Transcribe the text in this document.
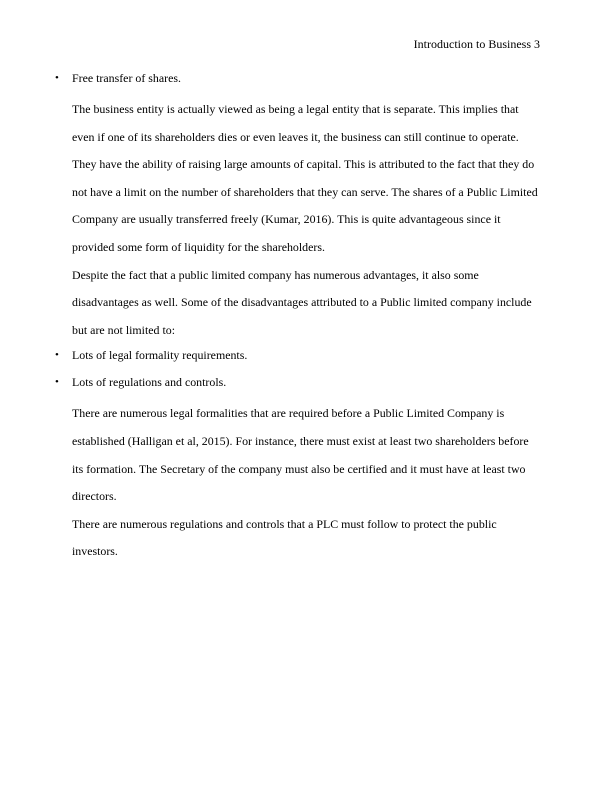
Introduction to Business 3
• Free transfer of shares.

The business entity is actually viewed as being a legal entity that is separate. This implies that even if one of its shareholders dies or even leaves it, the business can still continue to operate. They have the ability of raising large amounts of capital. This is attributed to the fact that they do not have a limit on the number of shareholders that they can serve. The shares of a Public Limited Company are usually transferred freely (Kumar, 2016). This is quite advantageous since it provided some form of liquidity for the shareholders.

Despite the fact that a public limited company has numerous advantages, it also some disadvantages as well. Some of the disadvantages attributed to a Public limited company include but are not limited to:

• Lots of legal formality requirements.
• Lots of regulations and controls.

There are numerous legal formalities that are required before a Public Limited Company is established (Halligan et al, 2015). For instance, there must exist at least two shareholders before its formation. The Secretary of the company must also be certified and it must have at least two directors.

There are numerous regulations and controls that a PLC must follow to protect the public investors.
